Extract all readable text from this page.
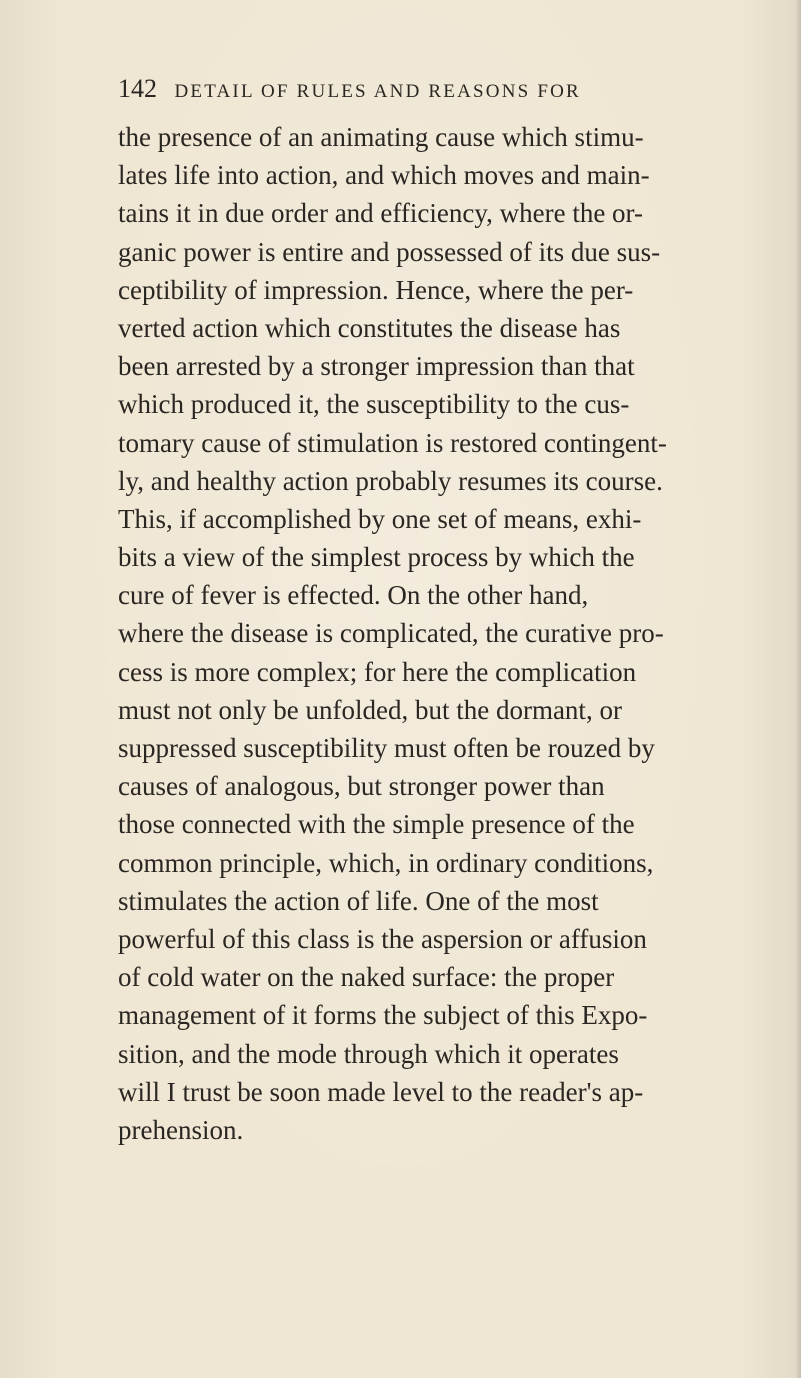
142 DETAIL OF RULES AND REASONS FOR
the presence of an animating cause which stimu-
lates life into action, and which moves and main-
tains it in due order and efficiency, where the or-
ganic power is entire and possessed of its due sus-
ceptibility of impression. Hence, where the per-
verted action which constitutes the disease has
been arrested by a stronger impression than that
which produced it, the susceptibility to the cus-
tomary cause of stimulation is restored contingent-
ly, and healthy action probably resumes its course.
This, if accomplished by one set of means, exhi-
bits a view of the simplest process by which the
cure of fever is effected. On the other hand,
where the disease is complicated, the curative pro-
cess is more complex; for here the complication
must not only be unfolded, but the dormant, or
suppressed susceptibility must often be rouzed by
causes of analogous, but stronger power than
those connected with the simple presence of the
common principle, which, in ordinary conditions,
stimulates the action of life. One of the most
powerful of this class is the aspersion or affusion
of cold water on the naked surface: the proper
management of it forms the subject of this Expo-
sition, and the mode through which it operates
will I trust be soon made level to the reader's ap-
prehension.
